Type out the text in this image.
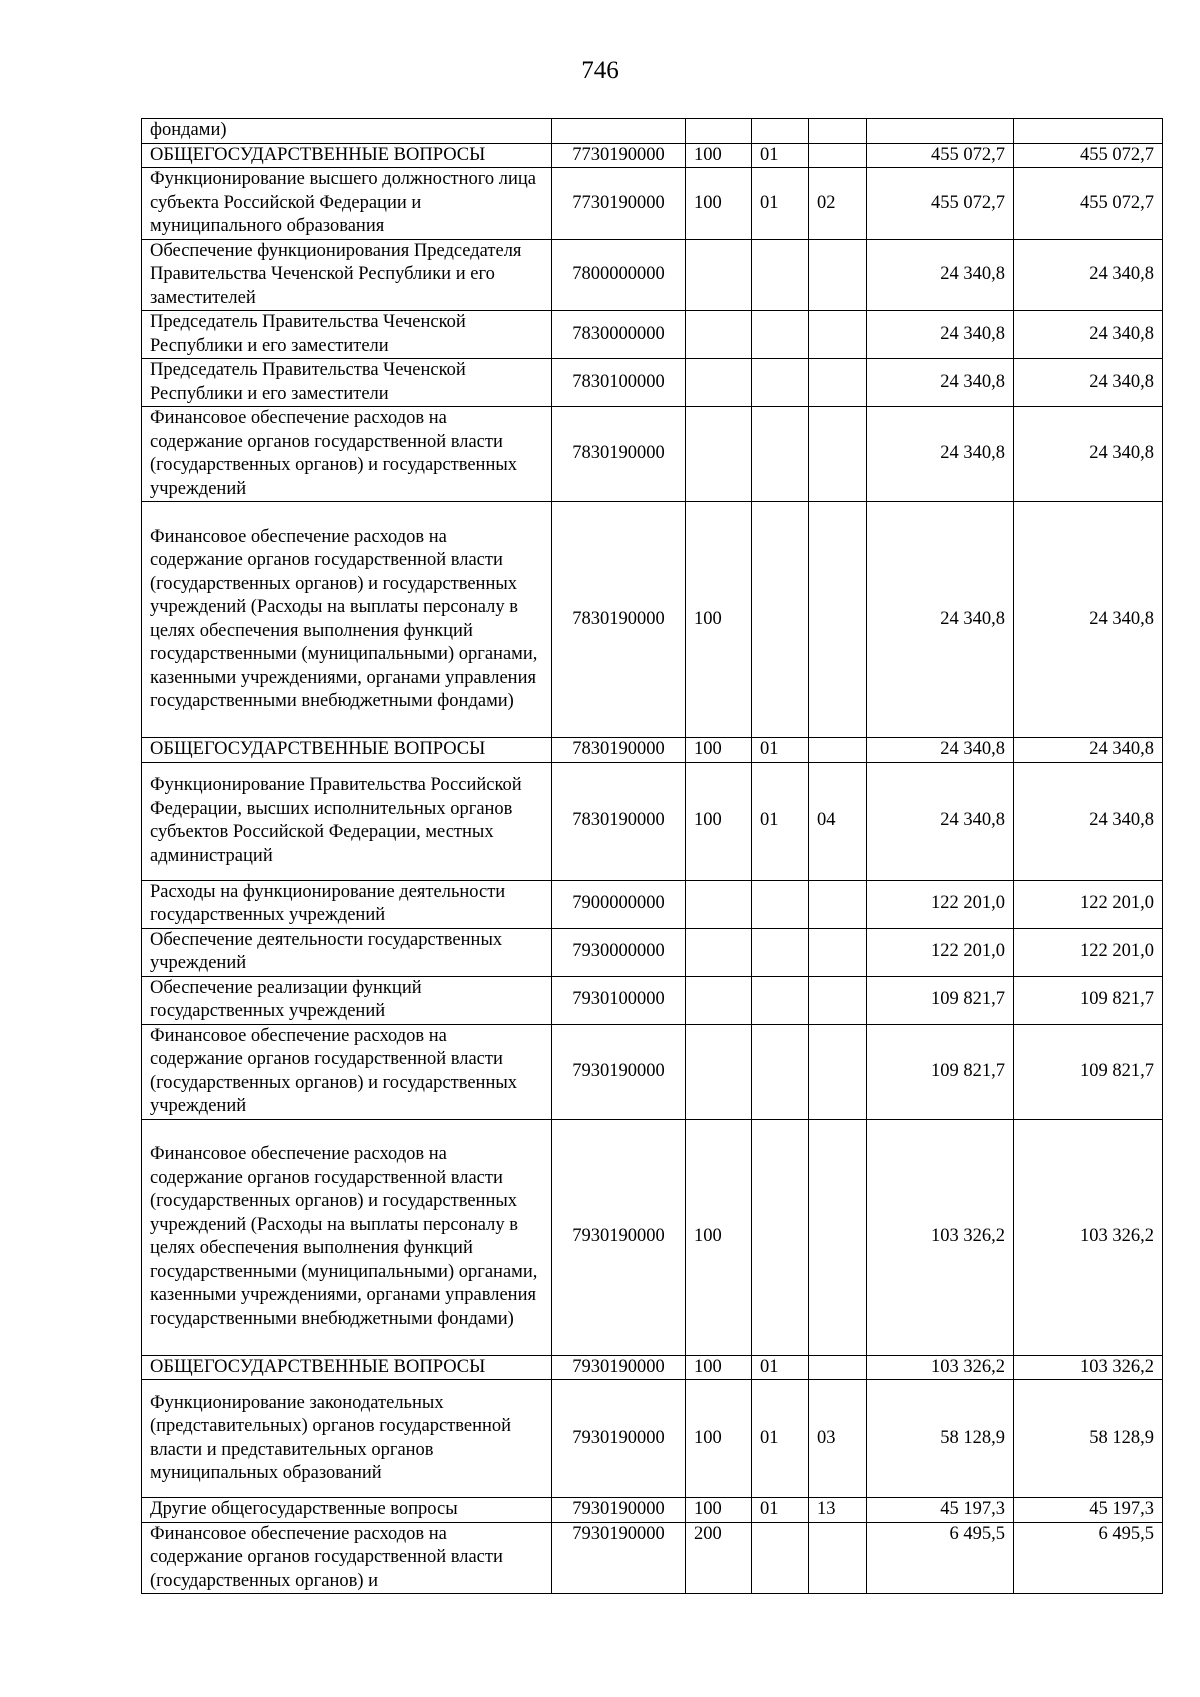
746
фондами)						
ОБЩЕГОСУДАРСТВЕННЫЕ ВОПРОСЫ	7730190000	100	01		455 072,7	455 072,7
Функционирование высшего должностного лица субъекта Российской Федерации и муниципального образования	7730190000	100	01	02	455 072,7	455 072,7
Обеспечение функционирования Председателя Правительства Чеченской Республики и его заместителей	7800000000				24 340,8	24 340,8
Председатель Правительства Чеченской Республики и его заместители	7830000000				24 340,8	24 340,8
Председатель Правительства Чеченской Республики и его заместители	7830100000				24 340,8	24 340,8
Финансовое обеспечение расходов на содержание органов государственной власти (государственных органов) и государственных учреждений	7830190000				24 340,8	24 340,8
Финансовое обеспечение расходов на содержание органов государственной власти (государственных органов) и государственных учреждений (Расходы на выплаты персоналу в целях обеспечения выполнения функций государственными (муниципальными) органами, казенными учреждениями, органами управления государственными внебюджетными фондами)	7830190000	100			24 340,8	24 340,8
ОБЩЕГОСУДАРСТВЕННЫЕ ВОПРОСЫ	7830190000	100	01		24 340,8	24 340,8
Функционирование Правительства Российской Федерации, высших исполнительных органов субъектов Российской Федерации, местных администраций	7830190000	100	01	04	24 340,8	24 340,8
Расходы на функционирование деятельности государственных учреждений	7900000000				122 201,0	122 201,0
Обеспечение деятельности государственных учреждений	7930000000				122 201,0	122 201,0
Обеспечение реализации функций государственных учреждений	7930100000				109 821,7	109 821,7
Финансовое обеспечение расходов на содержание органов государственной власти (государственных органов) и государственных учреждений	7930190000				109 821,7	109 821,7
Финансовое обеспечение расходов на содержание органов государственной власти (государственных органов) и государственных учреждений (Расходы на выплаты персоналу в целях обеспечения выполнения функций государственными (муниципальными) органами, казенными учреждениями, органами управления государственными внебюджетными фондами)	7930190000	100			103 326,2	103 326,2
ОБЩЕГОСУДАРСТВЕННЫЕ ВОПРОСЫ	7930190000	100	01		103 326,2	103 326,2
Функционирование законодательных (представительных) органов государственной власти и представительных органов муниципальных образований	7930190000	100	01	03	58 128,9	58 128,9
Другие общегосударственные вопросы	7930190000	100	01	13	45 197,3	45 197,3
Финансовое обеспечение расходов на содержание органов государственной власти (государственных органов) и	7930190000	200			6 495,5	6 495,5
